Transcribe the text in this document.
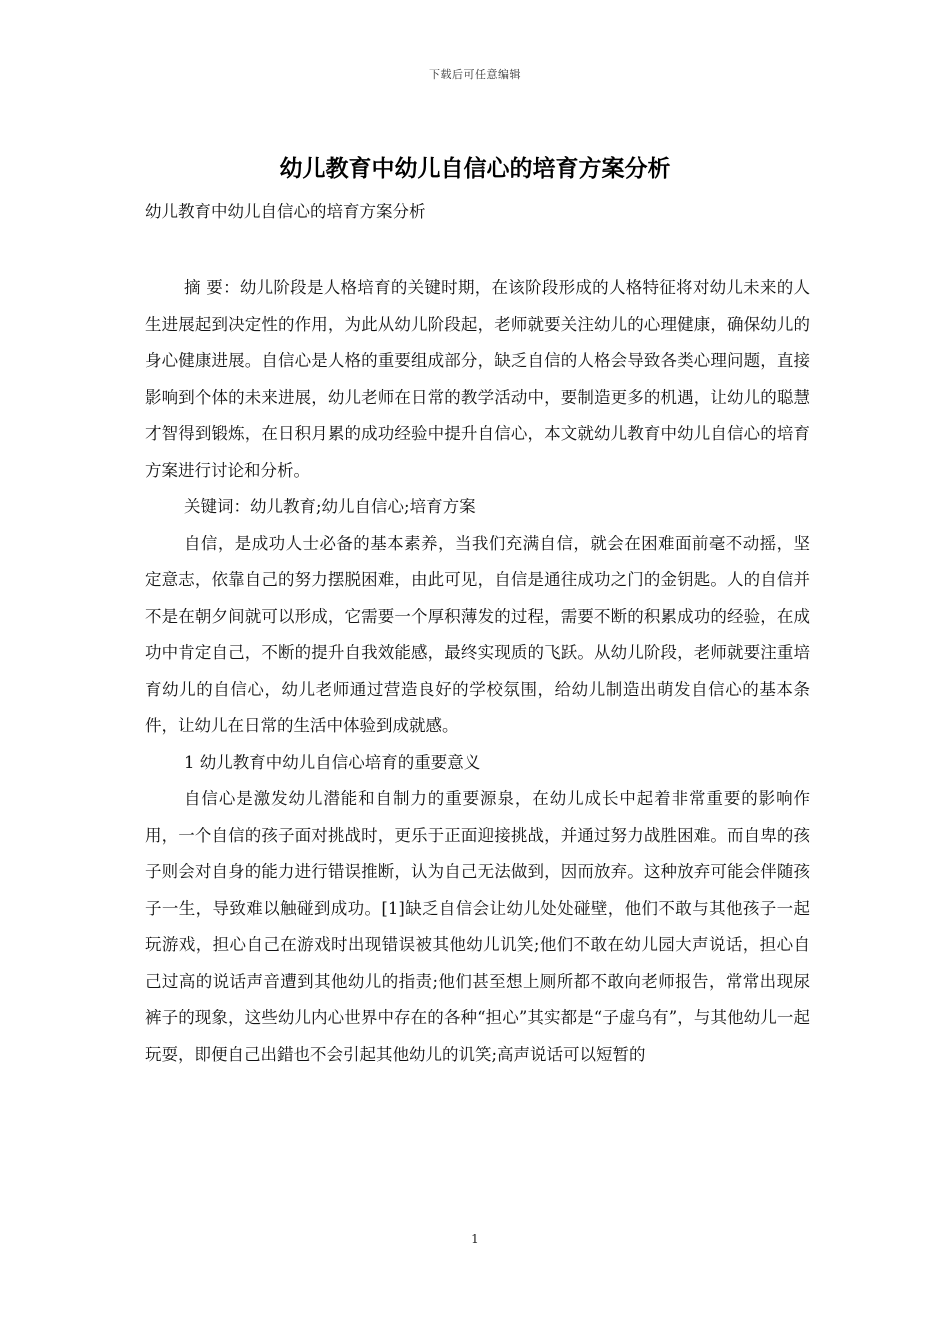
下载后可任意编辑
幼儿教育中幼儿自信心的培育方案分析
幼儿教育中幼儿自信心的培育方案分析

摘 要：幼儿阶段是人格培育的关键时期，在该阶段形成的人格特征将对幼儿未来的人生进展起到决定性的作用，为此从幼儿阶段起，老师就要关注幼儿的心理健康，确保幼儿的身心健康进展。自信心是人格的重要组成部分，缺乏自信的人格会导致各类心理问题，直接影响到个体的未来进展，幼儿老师在日常的教学活动中，要制造更多的机遇，让幼儿的聪慧才智得到锻炼，在日积月累的成功经验中提升自信心，本文就幼儿教育中幼儿自信心的培育方案进行讨论和分析。

关键词：幼儿教育;幼儿自信心;培育方案

自信，是成功人士必备的基本素养，当我们充满自信，就会在困难面前毫不动摇，坚定意志，依靠自己的努力摆脱困难，由此可见，自信是通往成功之门的金钥匙。人的自信并不是在朝夕间就可以形成，它需要一个厚积薄发的过程，需要不断的积累成功的经验，在成功中肯定自己，不断的提升自我效能感，最终实现质的飞跃。从幼儿阶段，老师就要注重培育幼儿的自信心，幼儿老师通过营造良好的学校氛围，给幼儿制造出萌发自信心的基本条件，让幼儿在日常的生活中体验到成就感。

1 幼儿教育中幼儿自信心培育的重要意义

自信心是激发幼儿潜能和自制力的重要源泉，在幼儿成长中起着非常重要的影响作用，一个自信的孩子面对挑战时，更乐于正面迎接挑战，并通过努力战胜困难。而自卑的孩子则会对自身的能力进行错误推断，认为自己无法做到，因而放弃。这种放弃可能会伴随孩子一生，导致难以触碰到成功。[1]缺乏自信会让幼儿处处碰壁，他们不敢与其他孩子一起玩游戏，担心自己在游戏时出现错误被其他幼儿讥笑;他们不敢在幼儿园大声说话，担心自己过高的说话声音遭到其他幼儿的指责;他们甚至想上厕所都不敢向老师报告，常常出现尿裤子的现象，这些幼儿内心世界中存在的各种“担心”其实都是“子虚乌有”，与其他幼儿一起玩耍，即便自己出錯也不会引起其他幼儿的讥笑;高声说话可以短暂的

1
